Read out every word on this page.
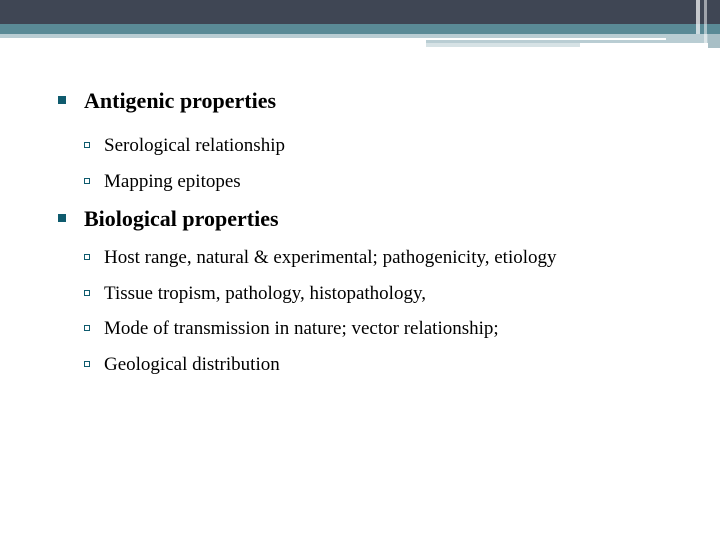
Antigenic properties
Serological relationship
Mapping epitopes
Biological properties
Host range, natural & experimental; pathogenicity, etiology
Tissue tropism, pathology, histopathology,
Mode of transmission in nature; vector relationship;
Geological distribution
